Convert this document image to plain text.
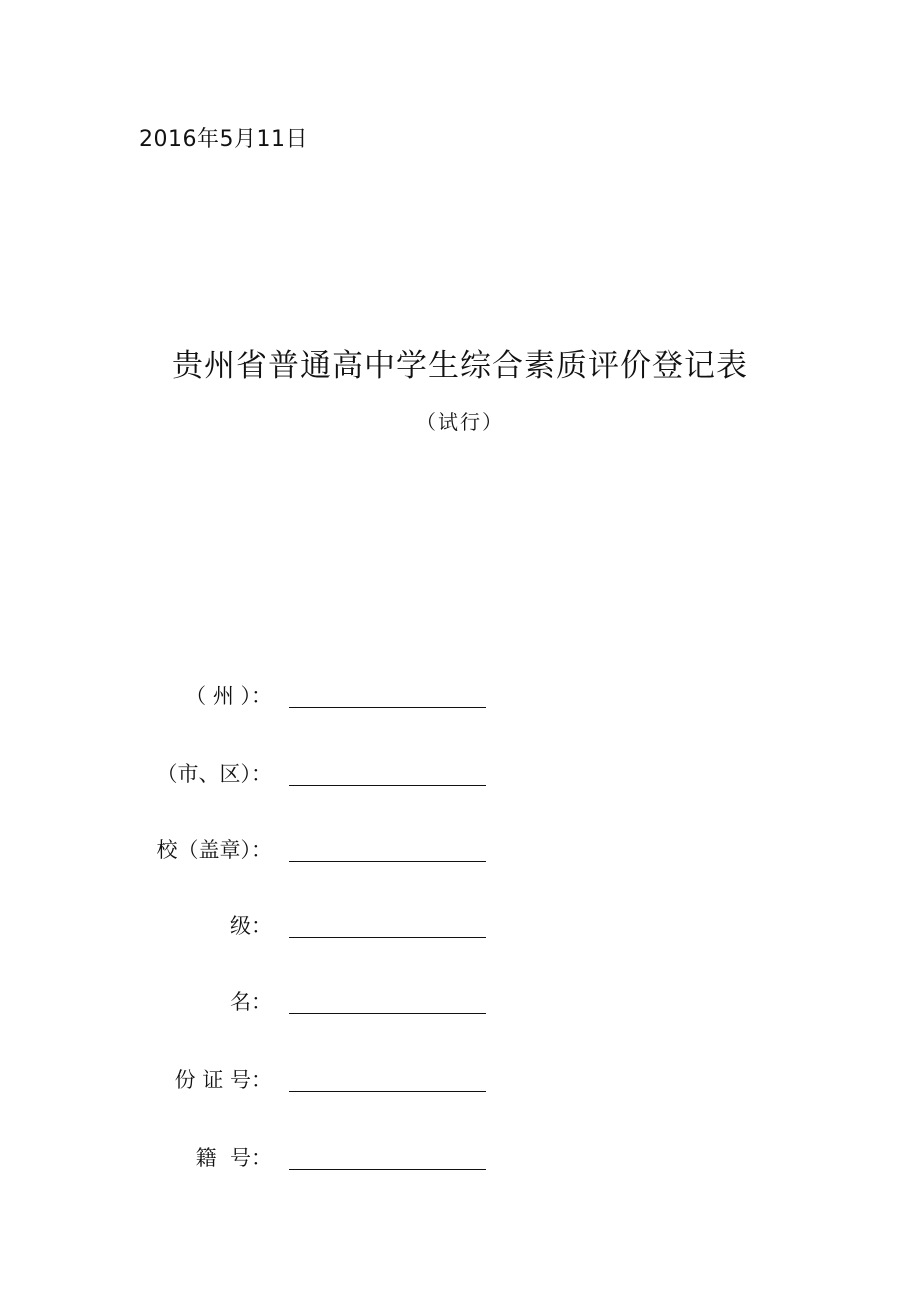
2016年5月11日
贵州省普通高中学生综合素质评价登记表
（试行）
（ 州 ）：
（市、区）：
校（盖章）：
级：
名：
份 证 号：
籍  号：
